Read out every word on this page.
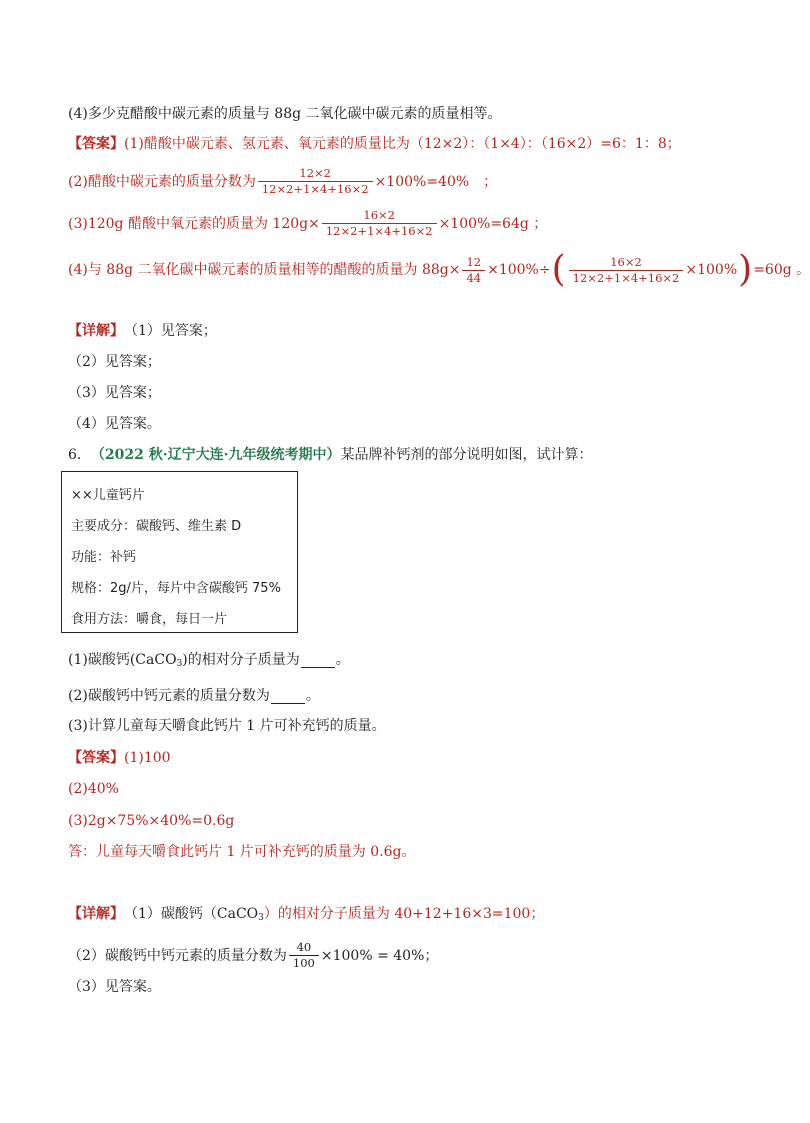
(4)多少克醋酸中碳元素的质量与 88g 二氧化碳中碳元素的质量相等。
【答案】 (1)醋酸中碳元素、氢元素、氧元素的质量比为（12×2）：（1×4）：（16×2）=6：1：8；
(2)醋酸中碳元素的质量分数为 $\frac{12\times 2}{12\times 2+1\times 4+16\times 2} \times 100\%=40\%$　；
(3)120g 醋酸中氧元素的质量为 $120g\times \frac{16\times 2}{12\times 2+1\times 4+16\times 2} \times 100\%=64g$ ；
(4)与 88g 二氧化碳中碳元素的质量相等的醋酸的质量为 $88g\times \frac{12}{44} \times 100\%\div$ ( $\frac{16\times 2}{12\times 2+1\times 4+16\times 2} \times 100\%$ ) =60g 。
【详解】 （1）见答案；
（2）见答案；
（3）见答案；
（4）见答案。
6． （2022 秋·辽宁大连·九年级统考期中） 某品牌补钙剂的部分说明如图，试计算：
××儿童钙片
主要成分：碳酸钙、维生素 D
功能：补钙
规格：2g/片，每片中含碳酸钙 75%
食用方法：嚼食，每日一片
(1)碳酸钙 (CaCO 3 ) 的相对分子质量为	。
(2)碳酸钙中钙元素的质量分数为	。
(3)计算儿童每天嚼食此钙片 1 片可补充钙的质量。
【答案】 (1)100
(2)40%
(3)2g×75%×40%=0.6g
答：儿童每天嚼食此钙片 1 片可补充钙的质量为 0.6g。
【详解】 （1）碳酸钙（CaCO 3 ）的相对分子质量为 40+12+16×3=100；
（2）碳酸钙中钙元素的质量分数为 $\frac{40}{100} \times 100\% = 40\%$；
（3）见答案。
